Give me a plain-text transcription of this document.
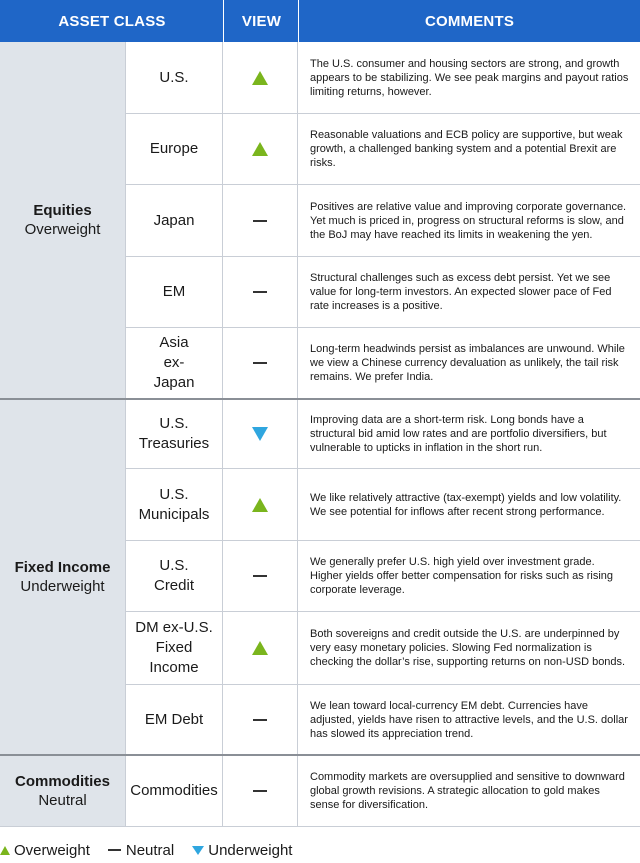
ASSET CLASS	VIEW	COMMENTS
Equities
Overweight
U.S.
The U.S. consumer and housing sectors are strong, and growth appears to be stabilizing. We see peak margins and payout ratios limiting returns, however.
Europe
Reasonable valuations and ECB policy are supportive, but weak growth, a challenged banking system and a potential Brexit are risks.
Japan
Positives are relative value and improving corporate governance. Yet much is priced in, progress on structural reforms is slow, and the BoJ may have reached its limits in weakening the yen.
EM
Structural challenges such as excess debt persist. Yet we see value for long-term investors. An expected slower pace of Fed rate increases is a positive.
Asia ex-Japan
Long-term headwinds persist as imbalances are unwound. While we view a Chinese currency devaluation as unlikely, the tail risk remains. We prefer India.
Fixed Income
Underweight
U.S. Treasuries
Improving data are a short-term risk. Long bonds have a structural bid amid low rates and are portfolio diversifiers, but vulnerable to upticks in inflation in the short run.
U.S. Municipals
We like relatively attractive (tax-exempt) yields and low volatility. We see potential for inflows after recent strong performance.
U.S. Credit
We generally prefer U.S. high yield over investment grade. Higher yields offer better compensation for risks such as rising corporate leverage.
DM ex-U.S. Fixed Income
Both sovereigns and credit outside the U.S. are underpinned by very easy monetary policies. Slowing Fed normalization is checking the dollar’s rise, supporting returns on non-USD bonds.
EM Debt
We lean toward local-currency EM debt. Currencies have adjusted, yields have risen to attractive levels, and the U.S. dollar has slowed its appreciation trend.
Commodities
Neutral
Commodities
Commodity markets are oversupplied and sensitive to downward global growth revisions. A strategic allocation to gold makes sense for diversification.
Overweight Neutral Underweight
